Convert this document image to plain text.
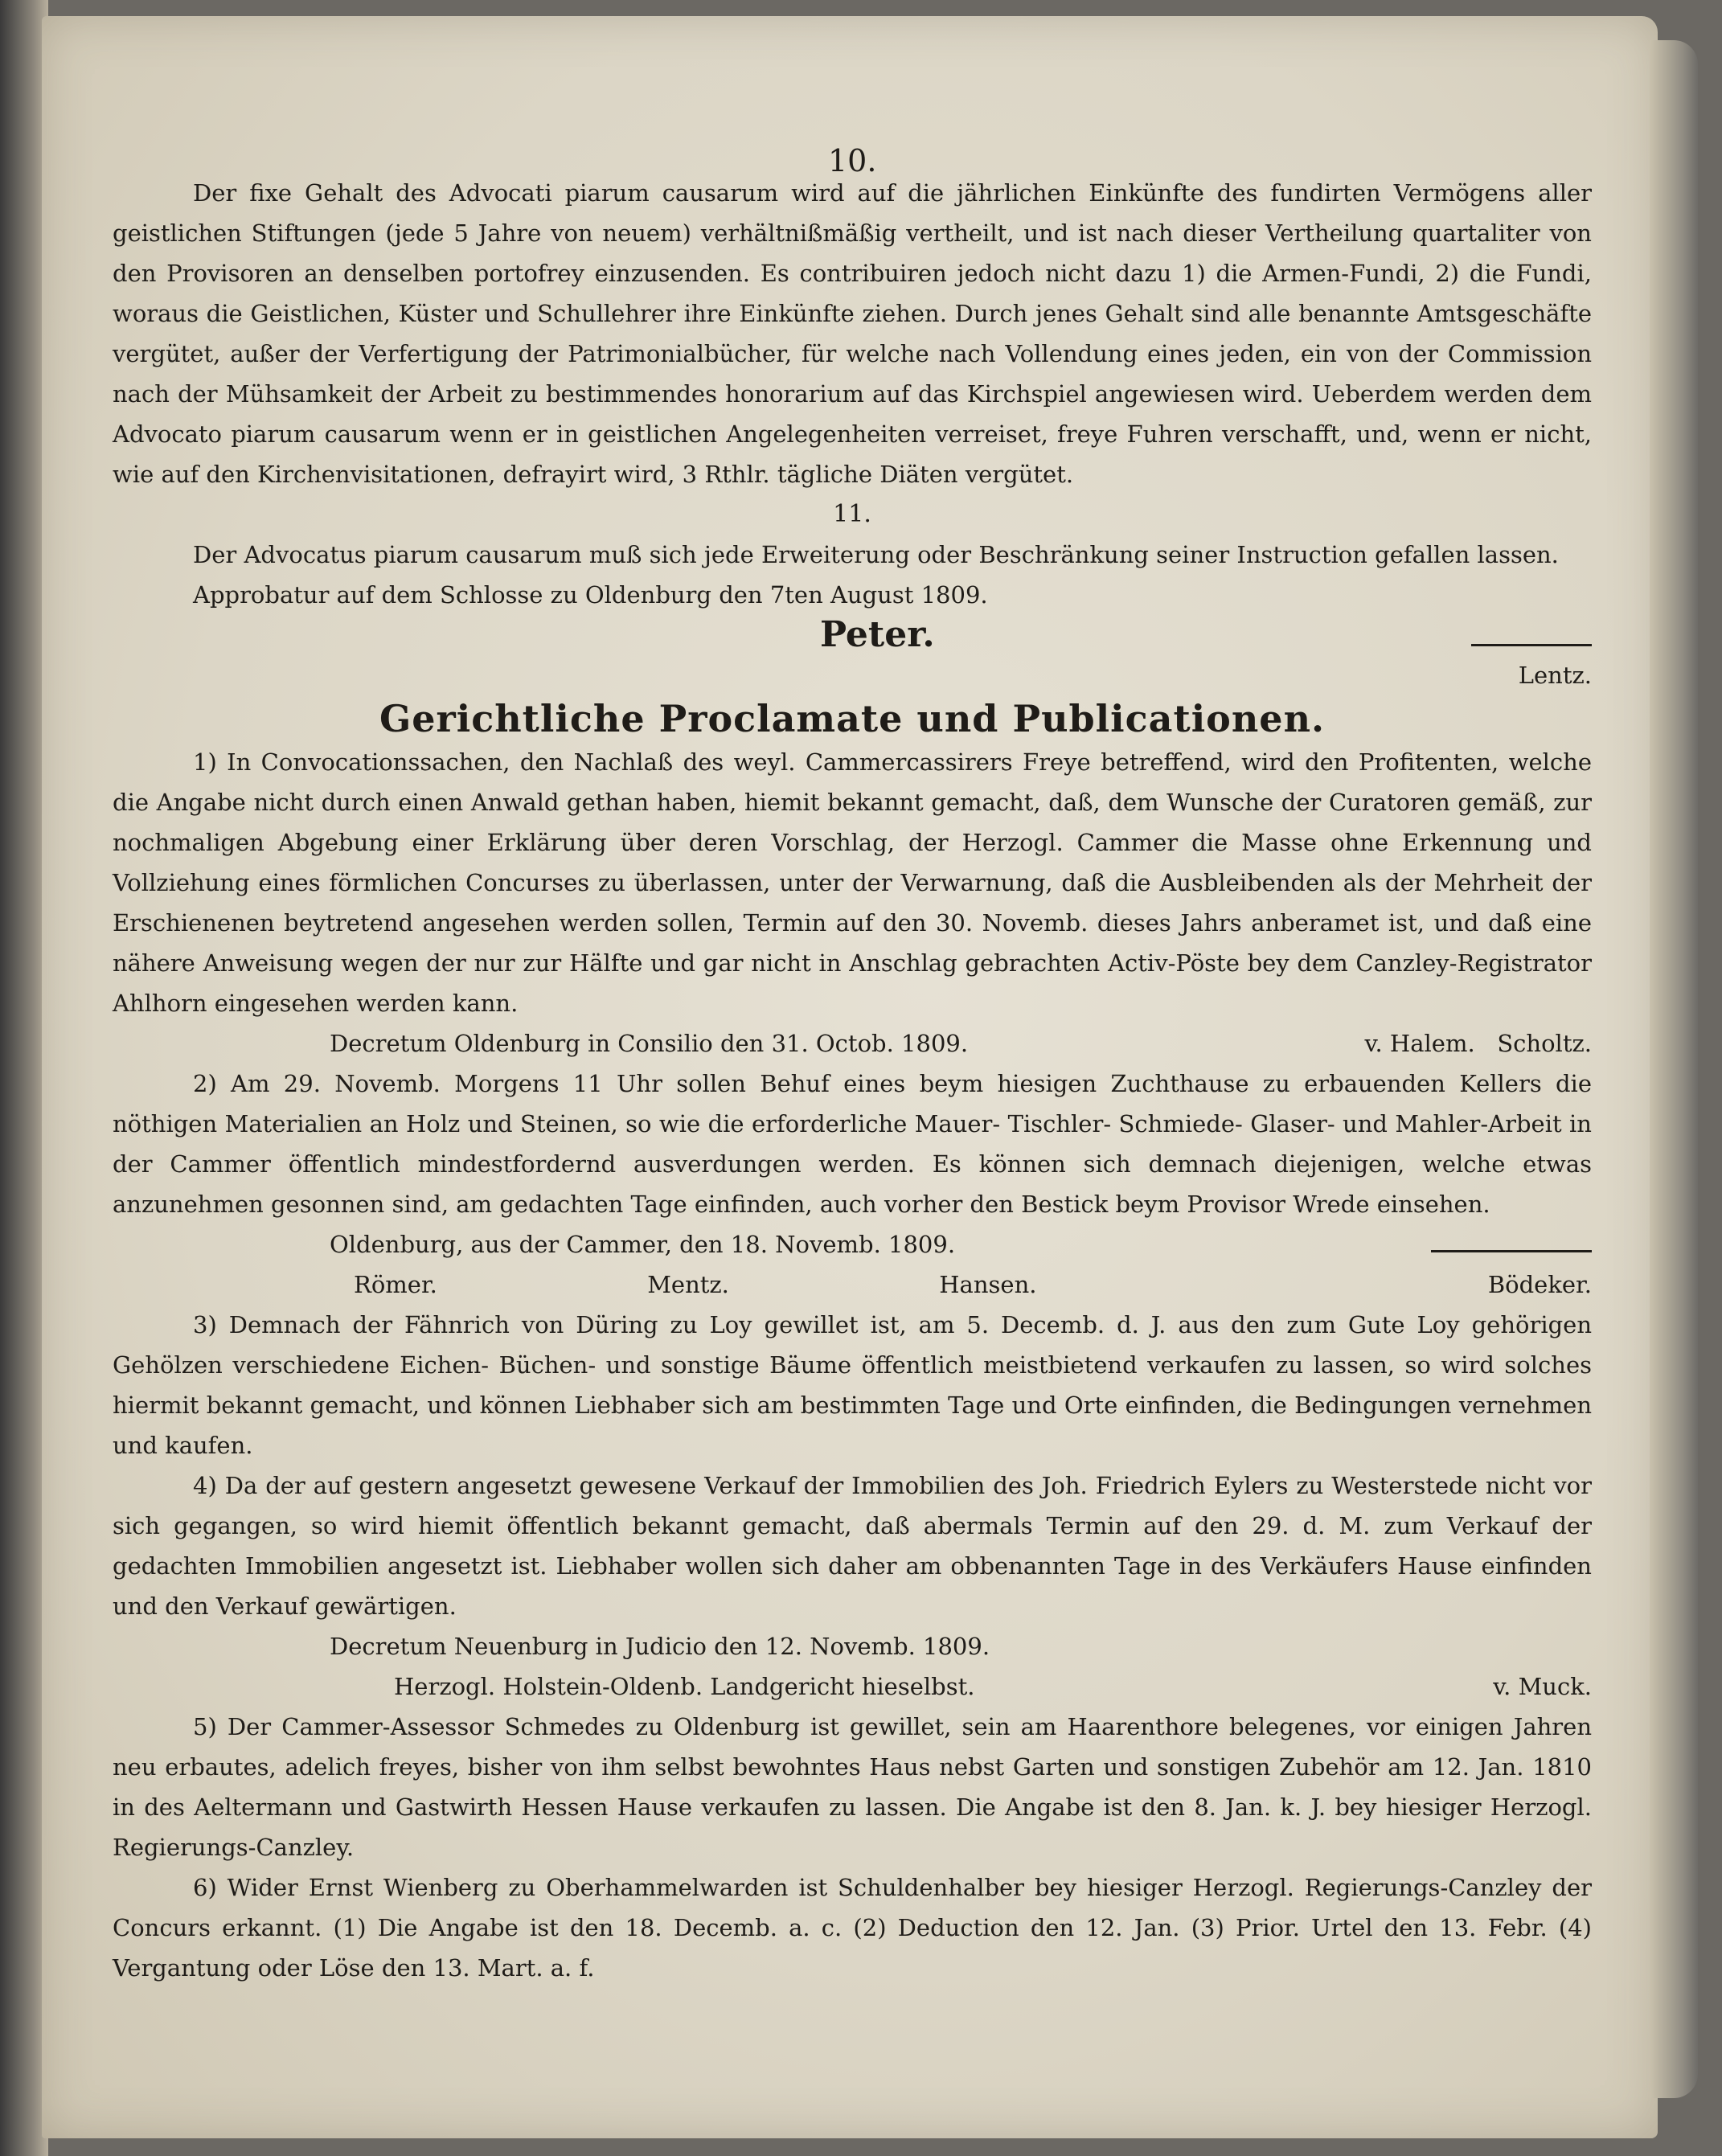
10.

Der fixe Gehalt des Advocati piarum causarum wird auf die jährlichen Einkünfte des fundirten Vermögens aller geistlichen Stiftungen (jede 5 Jahre von neuem) verhältnißmäßig vertheilt, und ist nach dieser Vertheilung quartaliter von den Provisoren an denselben portofrey einzusenden. Es contribuiren jedoch nicht dazu 1) die Armen-Fundi, 2) die Fundi, woraus die Geistlichen, Küster und Schullehrer ihre Einkünfte ziehen. Durch jenes Gehalt sind alle benannte Amtsgeschäfte vergütet, außer der Verfertigung der Patrimonialbücher, für welche nach Vollendung eines jeden, ein von der Commission nach der Mühsamkeit der Arbeit zu bestimmendes honorarium auf das Kirchspiel angewiesen wird. Ueberdem werden dem Advocato piarum causarum wenn er in geistlichen Angelegenheiten verreiset, freye Fuhren verschafft, und, wenn er nicht, wie auf den Kirchenvisitationen, defrayirt wird, 3 Rthlr. tägliche Diäten vergütet.

11.

Der Advocatus piarum causarum muß sich jede Erweiterung oder Beschränkung seiner Instruction gefallen lassen.

Approbatur auf dem Schlosse zu Oldenburg den 7ten August 1809.

Peter.
Lentz.
Gerichtliche Proclamate und Publicationen.

1) In Convocationssachen, den Nachlaß des weyl. Cammercassirers Freye betreffend, wird den Profitenten, welche die Angabe nicht durch einen Anwald gethan haben, hiemit bekannt gemacht, daß, dem Wunsche der Curatoren gemäß, zur nochmaligen Abgebung einer Erklärung über deren Vorschlag, der Herzogl. Cammer die Masse ohne Erkennung und Vollziehung eines förmlichen Concurses zu überlassen, unter der Verwarnung, daß die Ausbleibenden als der Mehrheit der Erschienenen beytretend angesehen werden sollen, Termin auf den 30. Novemb. dieses Jahrs anberamet ist, und daß eine nähere Anweisung wegen der nur zur Hälfte und gar nicht in Anschlag gebrachten Activ-Pöste bey dem Canzley-Registrator Ahlhorn eingesehen werden kann.

Decretum Oldenburg in Consilio den 31. Octob. 1809.	v. Halem.   Scholtz.

2) Am 29. Novemb. Morgens 11 Uhr sollen Behuf eines beym hiesigen Zuchthause zu erbauenden Kellers die nöthigen Materialien an Holz und Steinen, so wie die erforderliche Mauer- Tischler- Schmiede- Glaser- und Mahler-Arbeit in der Cammer öffentlich mindestfordernd ausverdungen werden. Es können sich demnach diejenigen, welche etwas anzunehmen gesonnen sind, am gedachten Tage einfinden, auch vorher den Bestick beym Provisor Wrede einsehen.

Oldenburg, aus der Cammer, den 18. Novemb. 1809.
Römer.	Mentz.	Hansen.	Bödeker.

3) Demnach der Fähnrich von Düring zu Loy gewillet ist, am 5. Decemb. d. J. aus den zum Gute Loy gehörigen Gehölzen verschiedene Eichen- Büchen- und sonstige Bäume öffentlich meistbietend verkaufen zu lassen, so wird solches hiermit bekannt gemacht, und können Liebhaber sich am bestimmten Tage und Orte einfinden, die Bedingungen vernehmen und kaufen.

4) Da der auf gestern angesetzt gewesene Verkauf der Immobilien des Joh. Friedrich Eylers zu Westerstede nicht vor sich gegangen, so wird hiemit öffentlich bekannt gemacht, daß abermals Termin auf den 29. d. M. zum Verkauf der gedachten Immobilien angesetzt ist. Liebhaber wollen sich daher am obbenannten Tage in des Verkäufers Hause einfinden und den Verkauf gewärtigen.

Decretum Neuenburg in Judicio den 12. Novemb. 1809.
Herzogl. Holstein-Oldenb. Landgericht hieselbst.	v. Muck.

5) Der Cammer-Assessor Schmedes zu Oldenburg ist gewillet, sein am Haarenthore belegenes, vor einigen Jahren neu erbautes, adelich freyes, bisher von ihm selbst bewohntes Haus nebst Garten und sonstigen Zubehör am 12. Jan. 1810 in des Aeltermann und Gastwirth Hessen Hause verkaufen zu lassen. Die Angabe ist den 8. Jan. k. J. bey hiesiger Herzogl. Regierungs-Canzley.

6) Wider Ernst Wienberg zu Oberhammelwarden ist Schuldenhalber bey hiesiger Herzogl. Regierungs-Canzley der Concurs erkannt. (1) Die Angabe ist den 18. Decemb. a. c. (2) Deduction den 12. Jan. (3) Prior. Urtel den 13. Febr. (4) Vergantung oder Löse den 13. Mart. a. f.
